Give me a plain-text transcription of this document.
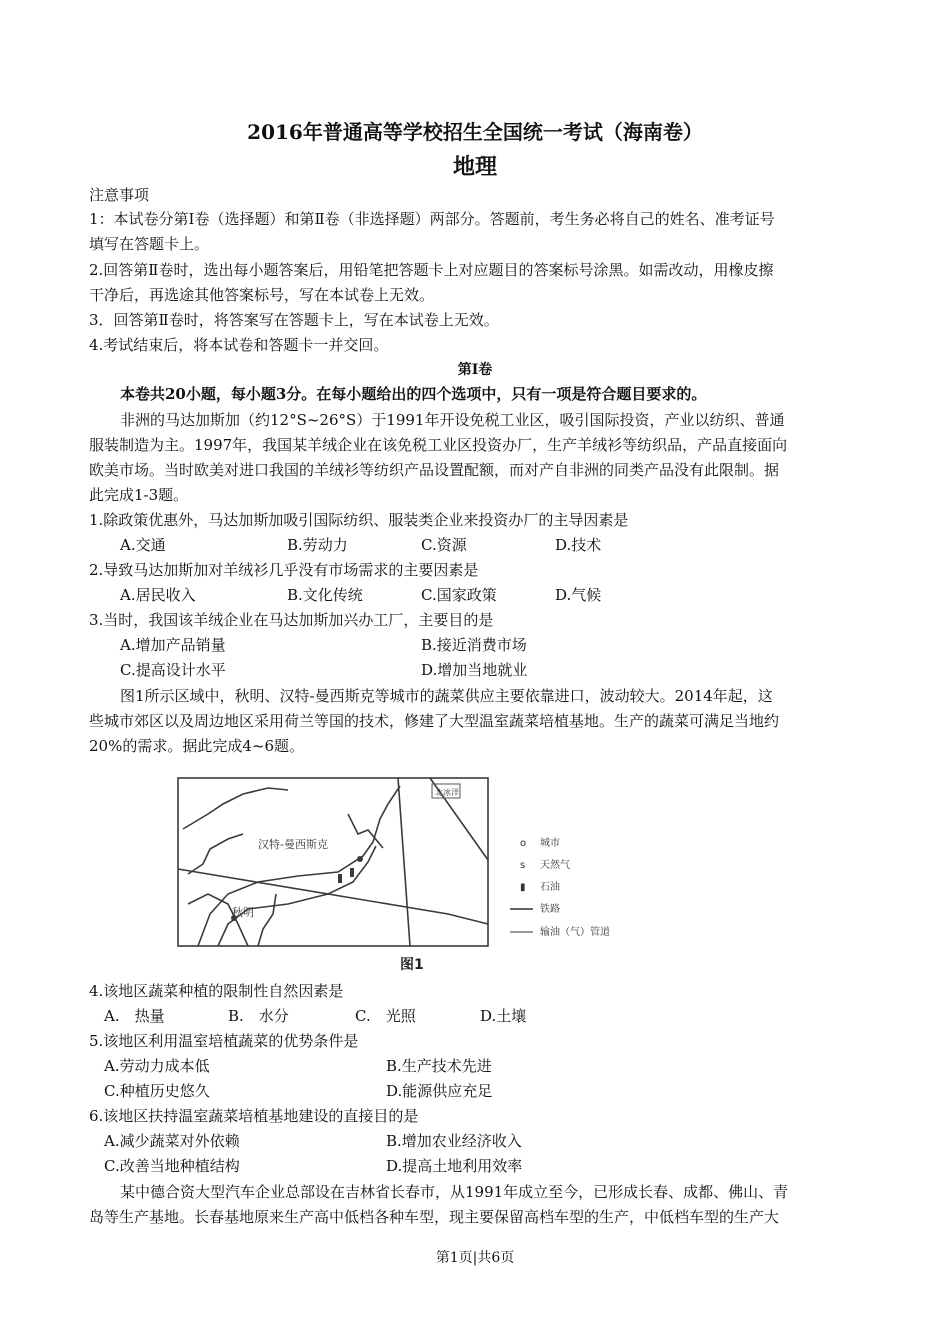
2016年普通高等学校招生全国统一考试（海南卷）
地理
注意事项
1：本试卷分第Ⅰ卷（选择题）和第Ⅱ卷（非选择题）两部分。答题前，考生务必将自己的姓名、准考证号
填写在答题卡上。
2.回答第Ⅱ卷时，选出每小题答案后，用铅笔把答题卡上对应题目的答案标号涂黑。如需改动，用橡皮擦
干净后，再选途其他答案标号，写在本试卷上无效。
3．回答第Ⅱ卷时，将答案写在答题卡上，写在本试卷上无效。
4.考试结束后，将本试卷和答题卡一并交回。
第Ⅰ卷
本卷共20小题，每小题3分。在每小题给出的四个选项中，只有一项是符合题目要求的。
非洲的马达加斯加（约12°S~26°S）于1991年开设免税工业区，吸引国际投资，产业以纺织、普通
服装制造为主。1997年，我国某羊绒企业在该免税工业区投资办厂，生产羊绒衫等纺织品，产品直接面向
欧美市场。当时欧美对进口我国的羊绒衫等纺织产品设置配额，而对产自非洲的同类产品没有此限制。据
此完成1-3题。
1.除政策优惠外，马达加斯加吸引国际纺织、服装类企业来投资办厂的主导因素是
A.交通	B.劳动力	C.资源	D.技术
2.导致马达加斯加对羊绒衫几乎没有市场需求的主要因素是
A.居民收入	B.文化传统	C.国家政策	D.气候
3.当时，我国该羊绒企业在马达加斯加兴办工厂，主要目的是
A.增加产品销量	B.接近消费市场
C.提高设计水平	D.增加当地就业
图1所示区域中，秋明、汉特-曼西斯克等城市的蔬菜供应主要依靠进口，波动较大。2014年起，这
些城市郊区以及周边地区采用荷兰等国的技术，修建了大型温室蔬菜培植基地。生产的蔬菜可满足当地约
20%的需求。据此完成4~6题。
汉特-曼西斯克
秋明
北冰洋
o 城市
s 天然气
▮ 石油
铁路
输油（气）管道
图1
4.该地区蔬菜种植的限制性自然因素是
A.　热量	B.　水分	C.　光照	D.土壤
5.该地区利用温室培植蔬菜的优势条件是
A.劳动力成本低	B.生产技术先进
C.种植历史悠久	D.能源供应充足
6.该地区扶持温室蔬菜培植基地建设的直接目的是
A.减少蔬菜对外依赖	B.增加农业经济收入
C.改善当地种植结构	D.提高土地利用效率
某中德合资大型汽车企业总部设在吉林省长春市，从1991年成立至今，已形成长春、成都、佛山、青
岛等生产基地。长春基地原来生产高中低档各种车型，现主要保留高档车型的生产，中低档车型的生产大
第1页|共6页
